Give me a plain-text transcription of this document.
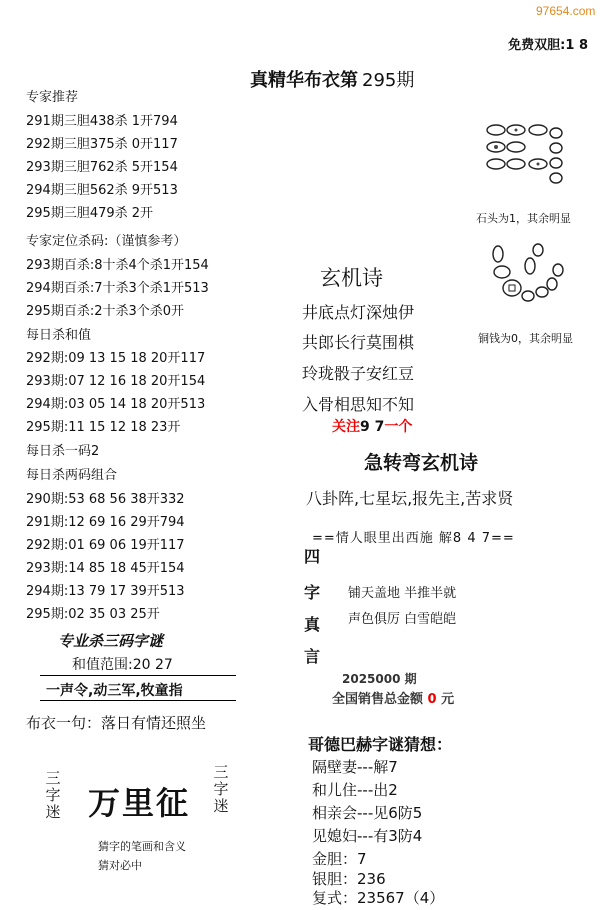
97654.com
免费双胆:1 8
真精华布衣第 295期
专家推荐
291期三胆438杀 1开794
292期三胆375杀 0开117
293期三胆762杀 5开154
294期三胆562杀 9开513
295期三胆479杀 2开
专家定位杀码:（谨慎参考）
293期百杀:8十杀4个杀1开154
294期百杀:7十杀3个杀1开513
295期百杀:2十杀3个杀0开
每日杀和值
292期:09 13 15 18 20开117
293期:07 12 16 18 20开154
294期:03 05 14 18 20开513
295期:11 15 12 18 23开
每日杀一码2
每日杀两码组合
290期:53 68 56 38开332
291期:12 69 16 29开794
292期:01 69 06 19开117
293期:14 85 18 45开154
294期:13 79 17 39开513
295期:02 35 03 25开
专业杀三码字谜
和值范围:20 27
一声令,动三军,牧童指
布衣一句：落日有情还照坐
三字迷 万里征
三字迷
猜字的笔画和含义
猜对必中
石头为1，其余明显
铜钱为0，其余明显
玄机诗
井底点灯深烛伊
共郎长行莫围棋
玲珑骰子安红豆
入骨相思知不知
关注9 7一个
急转弯玄机诗
八卦阵,七星坛,报先主,苦求贤
==情人眼里出西施 解8 4 7==
四
字
真
言
铺天盖地 半推半就
声色俱厉 白雪皑皑
2025000 期
全国销售总金额 0 元
哥德巴赫字谜猜想：
隔壁妻---解7
和儿住---出2
相亲会---见6防5
见媳妇---有3防4
金胆：7
银胆：236
复式：23567（4）
